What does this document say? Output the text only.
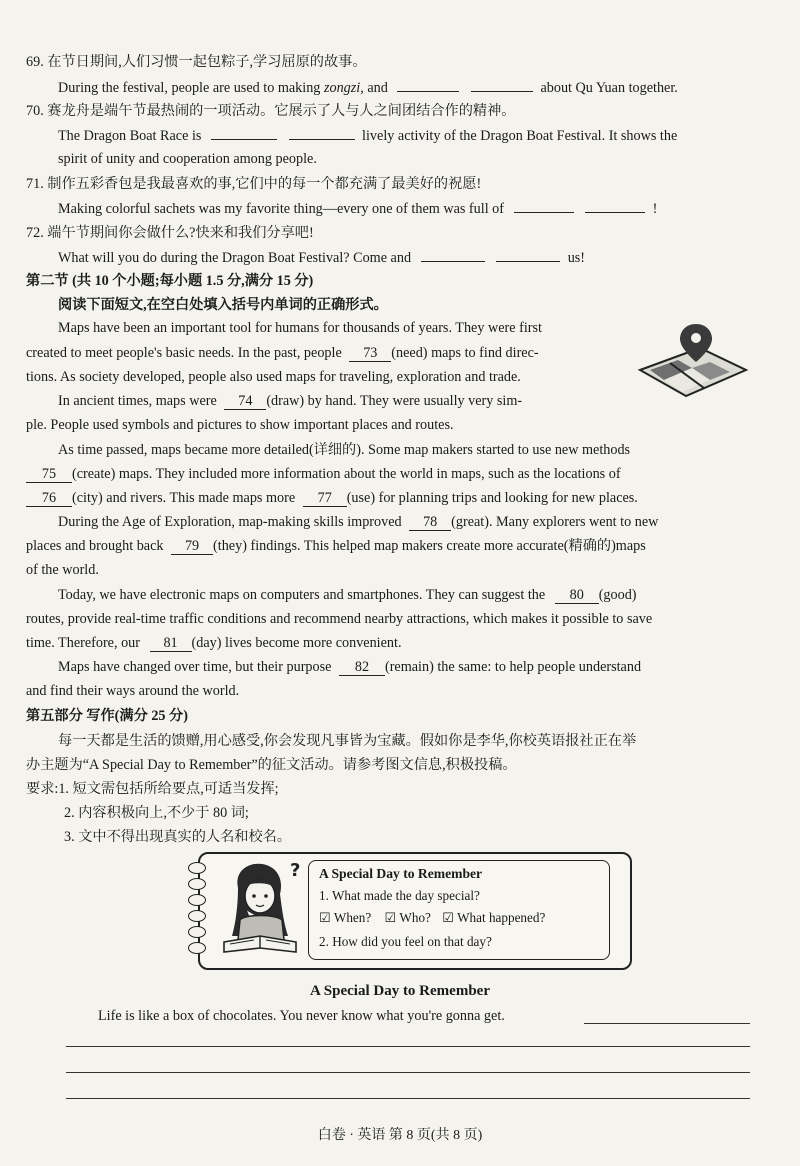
69. 在节日期间,人们习惯一起包粽子,学习屈原的故事。
During the festival, people are used to making zongzi, and	about Qu Yuan together.
70. 赛龙舟是端午节最热闹的一项活动。它展示了人与人之间团结合作的精神。
The Dragon Boat Race is	lively activity of the Dragon Boat Festival. It shows the
spirit of unity and cooperation among people.
71. 制作五彩香包是我最喜欢的事,它们中的每一个都充满了最美好的祝愿!
Making colorful sachets was my favorite thing—every one of them was full of	!
72. 端午节期间你会做什么?快来和我们分享吧!
What will you do during the Dragon Boat Festival? Come and	us!
第二节 (共 10 个小题;每小题 1.5 分,满分 15 分)
阅读下面短文,在空白处填入括号内单词的正确形式。
Maps have been an important tool for humans for thousands of years. They were first
created to meet people's basic needs. In the past, people 73 (need) maps to find direc-
tions. As society developed, people also used maps for traveling, exploration and trade.
In ancient times, maps were 74 (draw) by hand. They were usually very sim-
ple. People used symbols and pictures to show important places and routes.
As time passed, maps became more detailed(详细的). Some map makers started to use new methods
75 (create) maps. They included more information about the world in maps, such as the locations of
76 (city) and rivers. This made maps more 77 (use) for planning trips and looking for new places.
During the Age of Exploration, map-making skills improved 78 (great). Many explorers went to new
places and brought back 79 (they) findings. This helped map makers create more accurate(精确的)maps
of the world.
Today, we have electronic maps on computers and smartphones. They can suggest the 80 (good)
routes, provide real-time traffic conditions and recommend nearby attractions, which makes it possible to save
time. Therefore, our 81 (day) lives become more convenient.
Maps have changed over time, but their purpose 82 (remain) the same: to help people understand
and find their ways around the world.
第五部分 写作(满分 25 分)
每一天都是生活的馈赠,用心感受,你会发现凡事皆为宝藏。假如你是李华,你校英语报社正在举
办主题为“A Special Day to Remember”的征文活动。请参考图文信息,积极投稿。
要求:1. 短文需包括所给要点,可适当发挥;
2. 内容积极向上,不少于 80 词;
3. 文中不得出现真实的人名和校名。
? A Special Day to Remember
1. What made the day special?
☑ When? ☑ Who? ☑ What happened?
2. How did you feel on that day?
A Special Day to Remember
Life is like a box of chocolates. You never know what you're gonna get.
白卷 · 英语 第 8 页(共 8 页)
